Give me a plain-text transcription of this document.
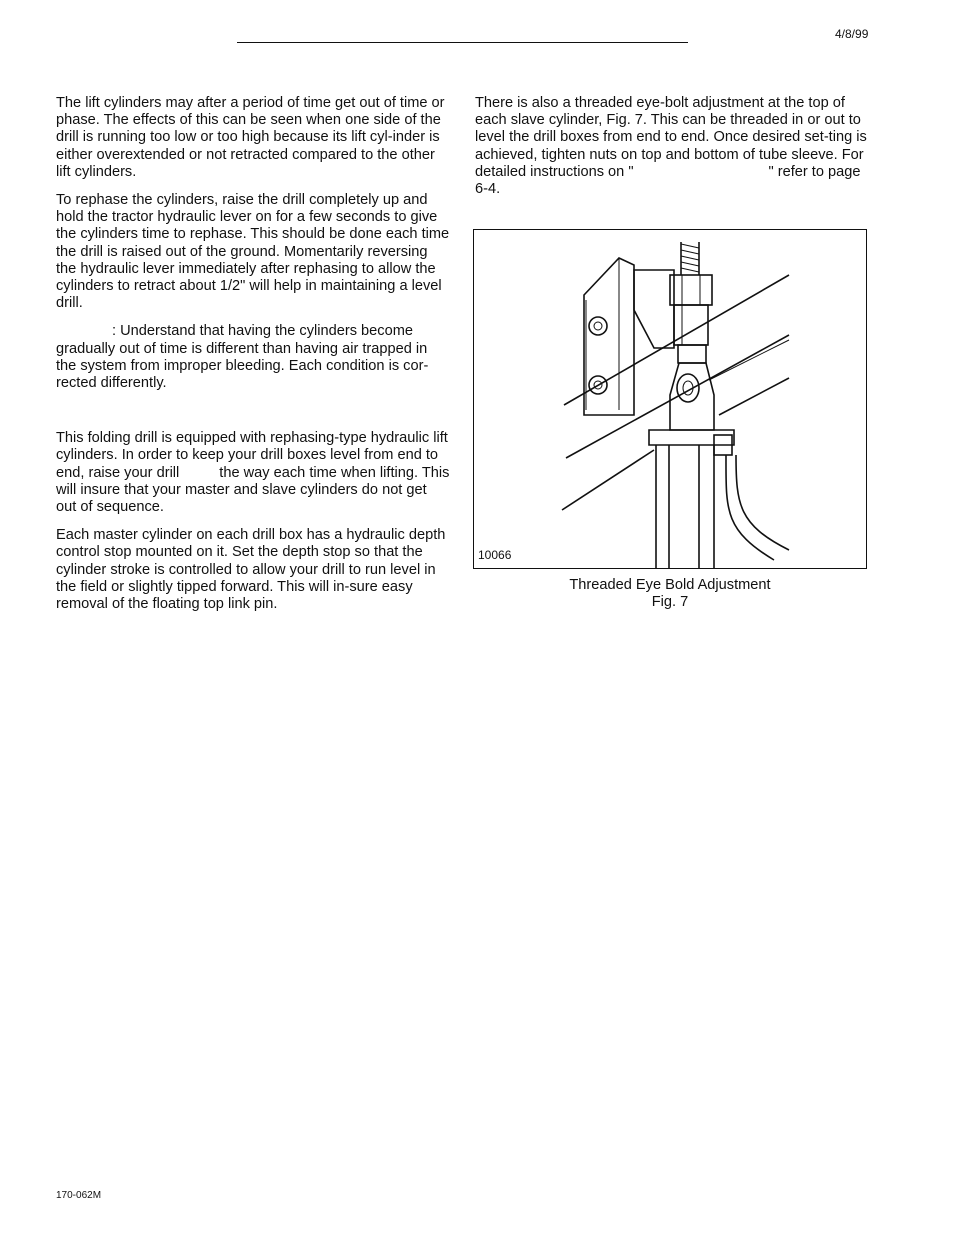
4/8/99

The lift cylinders may after a period of time get out of time or phase. The effects of this can be seen when one side of the drill is running too low or too high because its lift cyl-inder is either overextended or not retracted compared to the other lift cylinders.

To rephase the cylinders, raise the drill completely up and hold the tractor hydraulic lever on for a few seconds to give the cylinders time to rephase. This should be done each time the drill is raised out of the ground. Momentarily reversing the hydraulic lever immediately after rephasing to allow the cylinders to retract about 1/2" will help in maintaining a level drill.

: Understand that having the cylinders become gradually out of time is different than having air trapped in the system from improper bleeding. Each condition is cor-rected differently.

This folding drill is equipped with rephasing-type hydraulic lift cylinders. In order to keep your drill boxes level from end to end, raise your drill	the way each time when lifting. This will insure that your master and slave cylinders do not get out of sequence.

Each master cylinder on each drill box has a hydraulic depth control stop mounted on it. Set the depth stop so that the cylinder stroke is controlled to allow your drill to run level in the field or slightly tipped forward. This will in-sure easy removal of the floating top link pin.

There is also a threaded eye-bolt adjustment at the top of each slave cylinder, Fig. 7. This can be threaded in or out to level the drill boxes from end to end. Once desired set-ting is achieved, tighten nuts on top and bottom of tube sleeve. For detailed instructions on "	" refer to page 6-4.

10066
Threaded Eye Bold Adjustment
Fig. 7
170-062M
